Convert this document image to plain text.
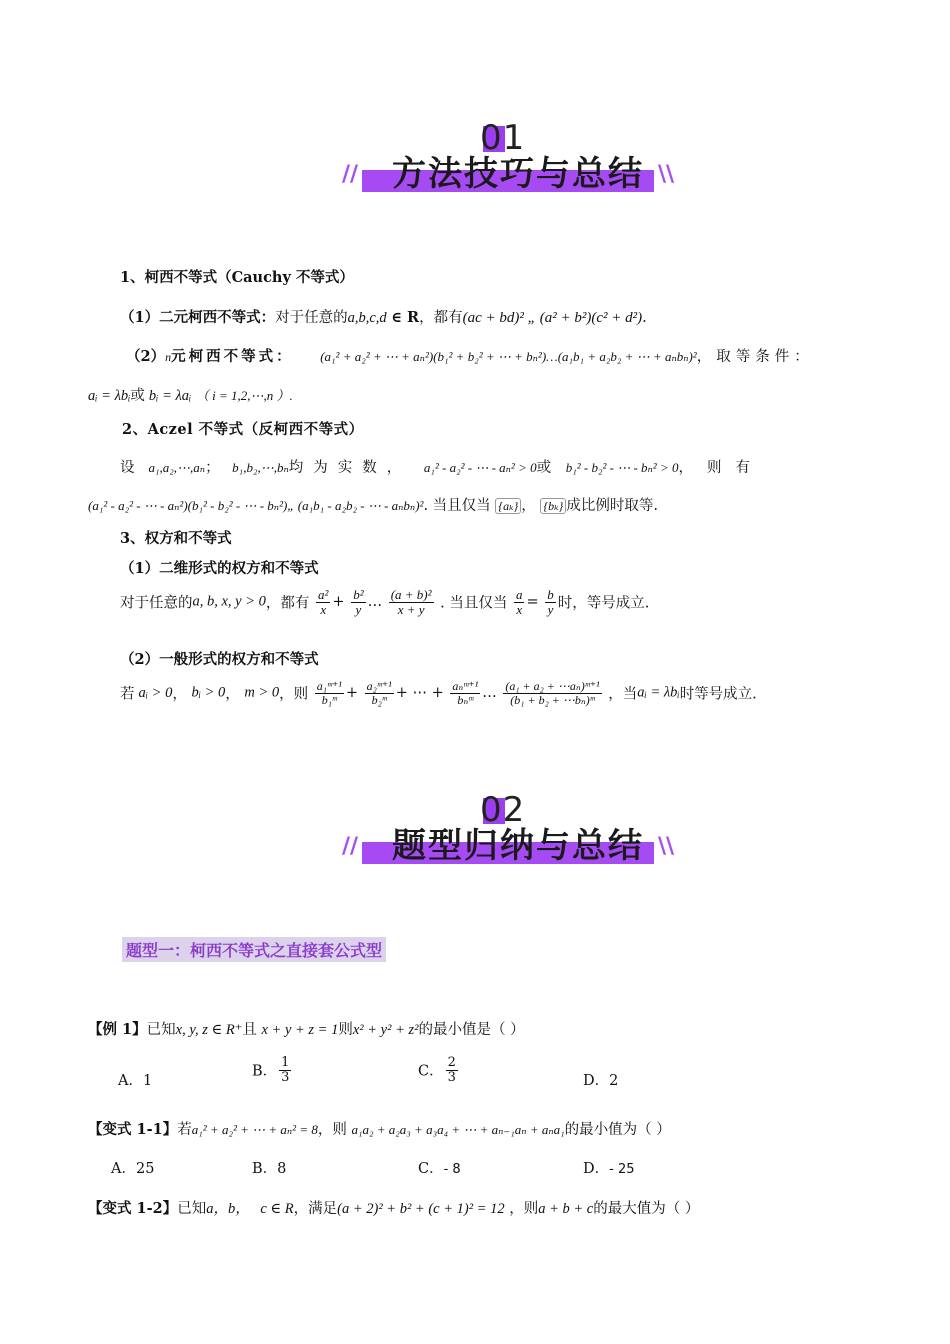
01
方法技巧与总结
//	\\
1、柯西不等式（Cauchy 不等式）
（1）二元柯西不等式：对于任意的a,b,c,d ∈ R，都有(ac + bd)² „ (a² + b²)(c² + d²).
（2）n元柯西不等式： (a₁² + a₂² + ⋯ + aₙ²)(b₁² + b₂² + ⋯ + bₙ²)…(a₁b₁ + a₂b₂ + ⋯ + aₙbₙ)²，取等条件：
aᵢ = λbᵢ或 bᵢ = λaᵢ （ i = 1,2,⋯,n ）.
2、Aczel 不等式（反柯西不等式）
设 a₁,a₂,⋯,aₙ； b₁,b₂,⋯,bₙ均为实数， a₁² - a₂² - ⋯ - aₙ² > 0或 b₁² - b₂² - ⋯ - bₙ² > 0，则有
(a₁² - a₂² - ⋯ - aₙ²)(b₁² - b₂² - ⋯ - bₙ²)„ (a₁b₁ - a₂b₂ - ⋯ - aₙbₙ)². 当且仅当 {aₖ} ， {bₖ} 成比例时取等.
3、权方和不等式
（1）二维形式的权方和不等式
对于任意的a, b, x, y > 0，都有 $\frac{\text{a²}}{x} + \frac{\text{b²}}{y}$ … $\frac{\text{(a + b)²}}{x + y}$ . 当且仅当 $\frac{a}{x} = \frac{b}{y}$ 时，等号成立.
（2）一般形式的权方和不等式
若 aᵢ > 0， bᵢ > 0， m > 0，则 $\frac{\text{a₁ᵐ⁺¹}}{\text{b₁ᵐ}} + \frac{\text{a₂ᵐ⁺¹}}{\text{b₂ᵐ}}$ + ⋯ + $\frac{\text{aₙᵐ⁺¹}}{\text{bₙᵐ}}$ … $\frac{\text{(a₁ + a₂ + ⋯aₙ)ᵐ⁺¹}}{\text{(b₁ + b₂ + ⋯bₙ)ᵐ}}$ ，当aᵢ = λbᵢ时等号成立.
02
题型归纳与总结
//	\\
题型一：柯西不等式之直接套公式型
【例 1】已知x, y, z ∈ R⁺且 x + y + z = 1则x² + y² + z²的最小值是（ ）
A．1
B． $\frac{1}{3}$	C． $\frac{2}{3}$	D．2
【变式 1-1】若a₁² + a₂² + ⋯ + aₙ² = 8，则 a₁a₂ + a₂a₃ + a₃a₄ + ⋯ + aₙ₋₁aₙ + aₙa₁的最小值为（ ）
A．25	B．8	C．- 8	D．- 25
【变式 1-2】已知a，b， c ∈ R，满足(a + 2)² + b² + (c + 1)² = 12 ，则a + b + c的最大值为（ ）
